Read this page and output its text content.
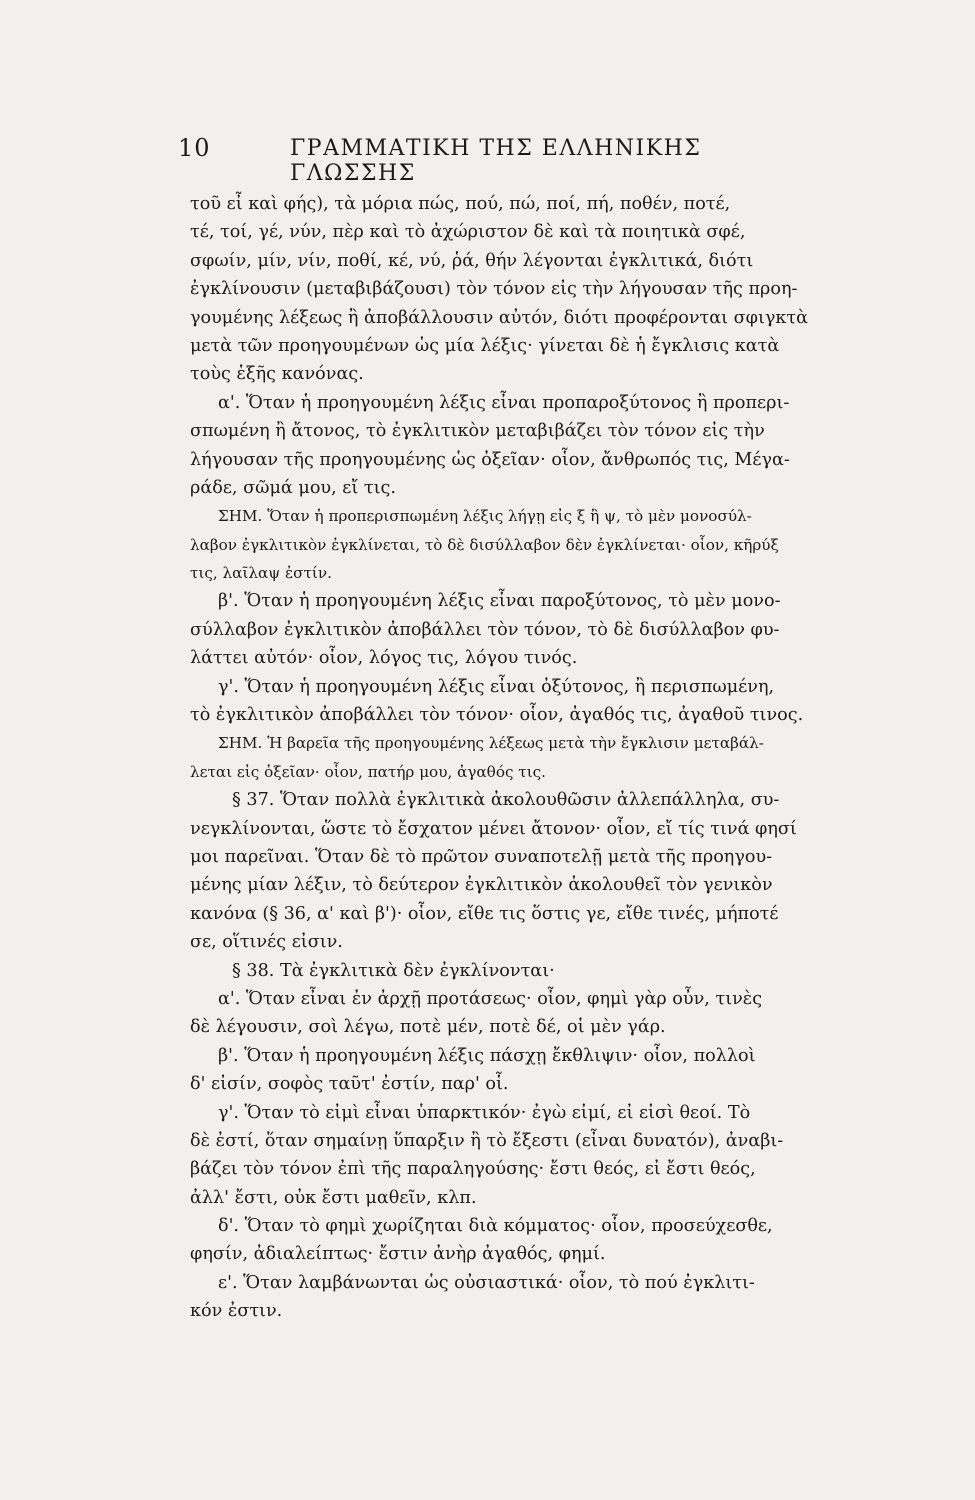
10	ΓΡΑΜΜΑΤΙΚΗ ΤΗΣ ΕΛΛΗΝΙΚΗΣ ΓΛΩΣΣΗΣ
τοῦ εἶ καὶ φής), τὰ μόρια πώς, πού, πώ, ποί, πή, ποθέν, ποτέ,
τέ, τοί, γέ, νύν, πὲρ καὶ τὸ ἀχώριστον δὲ καὶ τὰ ποιητικὰ σφέ,
σφωίν, μίν, νίν, ποθί, κέ, νύ, ῥά, θήν λέγονται ἐγκλιτικά, διότι
ἐγκλίνουσιν (μεταβιβάζουσι) τὸν τόνον εἰς τὴν λήγουσαν τῆς προη-
γουμένης λέξεως ἢ ἀποβάλλουσιν αὐτόν, διότι προφέρονται σφιγκτὰ
μετὰ τῶν προηγουμένων ὡς μία λέξις· γίνεται δὲ ἡ ἔγκλισις κατὰ
τοὺς ἑξῆς κανόνας.
α'. Ὅταν ἡ προηγουμένη λέξις εἶναι προπαροξύτονος ἢ προπερι-
σπωμένη ἢ ἄτονος, τὸ ἐγκλιτικὸν μεταβιβάζει τὸν τόνον εἰς τὴν
λήγουσαν τῆς προηγουμένης ὡς ὀξεῖαν· οἷον, ἄνθρωπός τις, Μέγα-
ράδε, σῶμά μου, εἴ τις.
ΣΗΜ. Ὅταν ἡ προπερισπωμένη λέξις λήγῃ εἰς ξ ἢ ψ, τὸ μὲν μονοσύλ-
λαβον ἐγκλιτικὸν ἐγκλίνεται, τὸ δὲ δισύλλαβον δὲν ἐγκλίνεται· οἷον, κῆρύξ
τις, λαῖλαψ ἐστίν.
β'. Ὅταν ἡ προηγουμένη λέξις εἶναι παροξύτονος, τὸ μὲν μονο-
σύλλαβον ἐγκλιτικὸν ἀποβάλλει τὸν τόνον, τὸ δὲ δισύλλαβον φυ-
λάττει αὐτόν· οἷον, λόγος τις, λόγου τινός.
γ'. Ὅταν ἡ προηγουμένη λέξις εἶναι ὀξύτονος, ἢ περισπωμένη,
τὸ ἐγκλιτικὸν ἀποβάλλει τὸν τόνον· οἷον, ἀγαθός τις, ἀγαθοῦ τινος.
ΣΗΜ. Ἡ βαρεῖα τῆς προηγουμένης λέξεως μετὰ τὴν ἔγκλισιν μεταβάλ-
λεται εἰς ὀξεῖαν· οἷον, πατήρ μου, ἀγαθός τις.
§ 37. Ὅταν πολλὰ ἐγκλιτικὰ ἀκολουθῶσιν ἀλλεπάλληλα, συ-
νεγκλίνονται, ὥστε τὸ ἔσχατον μένει ἄτονον· οἷον, εἴ τίς τινά φησί
μοι παρεῖναι. Ὅταν δὲ τὸ πρῶτον συναποτελῇ μετὰ τῆς προηγου-
μένης μίαν λέξιν, τὸ δεύτερον ἐγκλιτικὸν ἀκολουθεῖ τὸν γενικὸν
κανόνα (§ 36, α' καὶ β')· οἷον, εἴθε τις ὅστις γε, εἴθε τινές, μήποτέ
σε, οἵτινές εἰσιν.
§ 38. Τὰ ἐγκλιτικὰ δὲν ἐγκλίνονται·
α'. Ὅταν εἶναι ἐν ἀρχῇ προτάσεως· οἷον, φημὶ γὰρ οὖν, τινὲς
δὲ λέγουσιν, σοὶ λέγω, ποτὲ μέν, ποτὲ δέ, οἱ μὲν γάρ.
β'. Ὅταν ἡ προηγουμένη λέξις πάσχῃ ἔκθλιψιν· οἷον, πολλοὶ
δ' εἰσίν, σοφὸς ταῦτ' ἐστίν, παρ' οἷ.
γ'. Ὅταν τὸ εἰμὶ εἶναι ὑπαρκτικόν· ἐγὼ εἰμί, εἰ εἰσὶ θεοί. Τὸ
δὲ ἐστί, ὅταν σημαίνῃ ὕπαρξιν ἢ τὸ ἔξεστι (εἶναι δυνατόν), ἀναβι-
βάζει τὸν τόνον ἐπὶ τῆς παραληγούσης· ἔστι θεός, εἰ ἔστι θεός,
ἀλλ' ἔστι, οὐκ ἔστι μαθεῖν, κλπ.
δ'. Ὅταν τὸ φημὶ χωρίζηται διὰ κόμματος· οἷον, προσεύχεσθε,
φησίν, ἀδιαλείπτως· ἔστιν ἀνὴρ ἀγαθός, φημί.
ε'. Ὅταν λαμβάνωνται ὡς οὐσιαστικά· οἷον, τὸ πού ἐγκλιτι-
κόν ἐστιν.
